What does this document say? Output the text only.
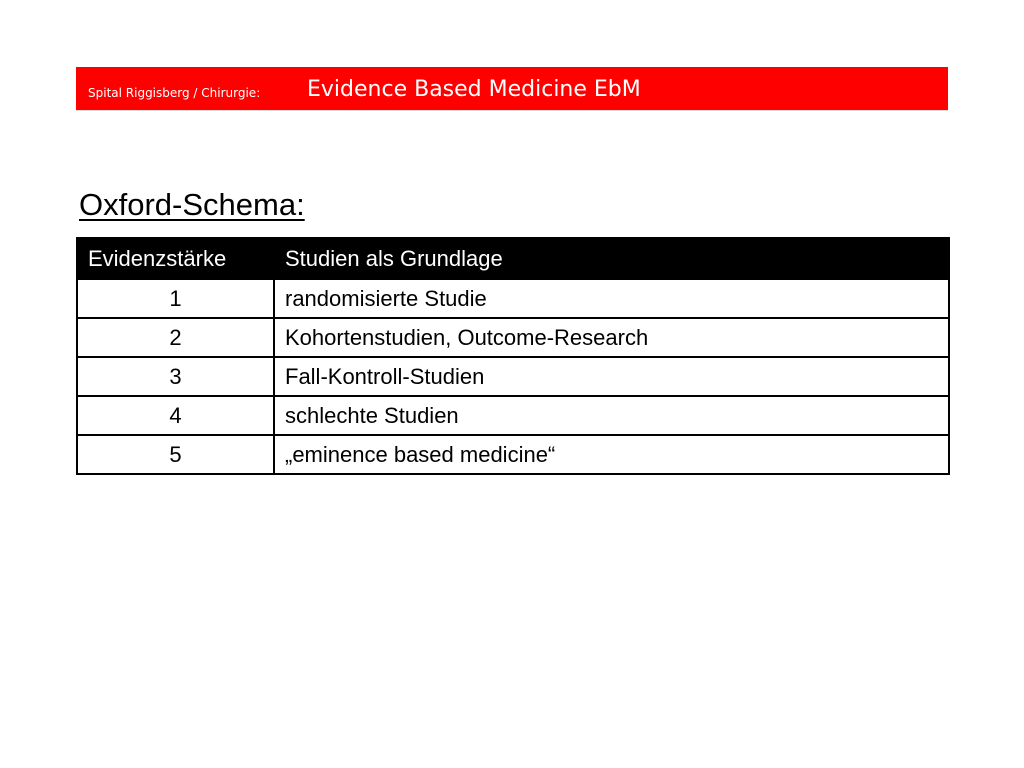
Spital Riggisberg / Chirurgie: Evidence Based Medicine EbM
Oxford-Schema:
Evidenzstärke	Studien als Grundlage
1	randomisierte Studie
2	Kohortenstudien, Outcome-Research
3	Fall-Kontroll-Studien
4	schlechte Studien
5	„eminence based medicine“
